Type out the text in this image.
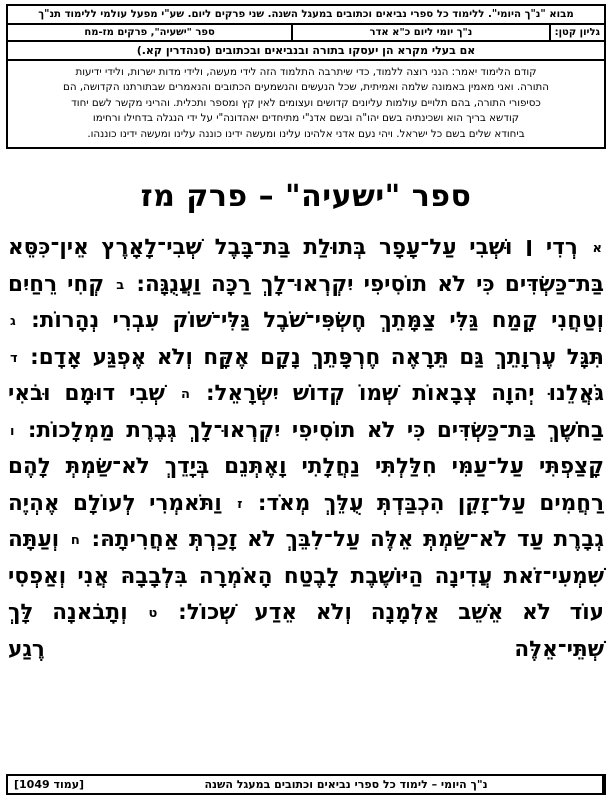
מבוא "נ"ך היומי". ללימוד כל ספרי נביאים וכתובים במעגל השנה. שני פרקים ליום. שע"י מפעל עולמי ללימוד תנ"ך
גליון קטן:
נ"ך יומי ליום כ"א אדר
ספר "ישעיה", פרקים מז-מח
אם בעלי מקרא הן יעסקו בתורה ובנביאים ובכתובים (סנהדרין קא.)

קודם הלימוד יאמר: הנני רוצה ללמוד, כדי שיתרבה התלמוד הזה לידי מעשה, ולידי מדות ישרות, ולידי ידיעות

התורה. ואני מאמין באמונה שלמה ואמיתית, שכל הנעשים והנשמעים הכתובים והנאמרים שבתורתנו הקדושה, הם

כסיפורי התורה, בהם תלויים עולמות עליונים קדושים ועצומים לאין קץ ומספר ותכלית. והריני מקשר לשם יחוד

קודשא בריך הוא ושכינתיה בשם יהו"ה ובשם אדנ"י מתיחדים יאהדונה"י על ידי הנגלה בדחילו ורחימו

ביחודא שלים בשם כל ישראל. ויהי נעם אדני אלהינו עלינו ומעשה ידינו כוננה עלינו ומעשה ידינו כוננהו.

ספר "ישעיה" – פרק מז
א רְדִי ׀ וּשְׁבִי עַל־עָפָר בְּתוּלַת בַּת־בָּבֶל שְׁבִי־לָאָרֶץ אֵין־כִּסֵּא בַּת־כַּשְׂדִּים כִּי לֹא תוֹסִיפִי יִקְרְאוּ־לָךְ רַכָּה וַעֲנֻגָּה: ב קְחִי רֵחַיִם וְטַחֲנִי קָמַח גַּלִּי צַמָּתֵךְ חֶשְׂפִּי־שֹׁבֶל גַּלִּי־שׁוֹק עִבְרִי נְהָרוֹת: ג תִּגָּל עֶרְוָתֵךְ גַּם תֵּרָאֶה חֶרְפָּתֵךְ נָקָם אֶקָּח וְלֹא אֶפְגַּע אָדָם: ד גֹּאֲלֵנוּ יְהוָה צְבָאוֹת שְׁמוֹ קְדוֹשׁ יִשְׂרָאֵל: ה שְׁבִי דוּמָם וּבֹאִי בַחֹשֶׁךְ בַּת־כַּשְׂדִּים כִּי לֹא תוֹסִיפִי יִקְרְאוּ־לָךְ גְּבֶרֶת מַמְלָכוֹת: ו קָצַפְתִּי עַל־עַמִּי חִלַּלְתִּי נַחֲלָתִי וָאֶתְּנֵם בְּיָדֵךְ לֹא־שַׂמְתְּ לָהֶם רַחֲמִים עַל־זָקֵן הִכְבַּדְתְּ עֻלֵּךְ מְאֹד: ז וַתֹּאמְרִי לְעוֹלָם אֶהְיֶה גְבָרֶת עַד לֹא־שַׂמְתְּ אֵלֶּה עַל־לִבֵּךְ לֹא זָכַרְתְּ אַחֲרִיתָהּ: ח וְעַתָּה שִׁמְעִי־זֹאת עֲדִינָה הַיּוֹשֶׁבֶת לָבֶטַח הָאֹמְרָה בִּלְבָבָהּ אֲנִי וְאַפְסִי עוֹד לֹא אֵשֵׁב אַלְמָנָה וְלֹא אֵדַע שְׁכוֹל: ט וְתָבֹאנָה לָּךְ שְׁתֵּי־אֵלֶּה רֶגַע
נ"ך היומי – לימוד כל ספרי נביאים וכתובים במעגל השנה
[עמוד 1049]
